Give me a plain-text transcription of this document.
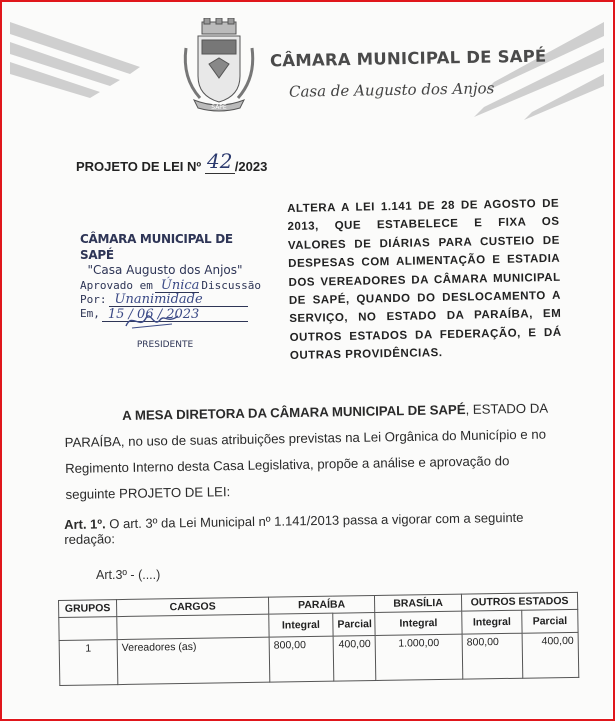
SAPÉ
CÂMARA MUNICIPAL DE SAPÉ
Casa de Augusto dos Anjos
PROJETO DE LEI Nº 42 /2023
CÂMARA MUNICIPAL DE SAPÉ
"Casa Augusto dos Anjos"
Aprovado em Única Discussão
Por: Unanimidade
Em, 15 / 06 / 2023
PRESIDENTE
ALTERA A LEI 1.141 DE 28 DE AGOSTO DE 2013, QUE ESTABELECE E FIXA OS VALORES DE DIÁRIAS PARA CUSTEIO DE DESPESAS COM ALIMENTAÇÃO E ESTADIA DOS VEREADORES DA CÂMARA MUNICIPAL DE SAPÉ, QUANDO DO DESLOCAMENTO A SERVIÇO, NO ESTADO DA PARAÍBA, EM OUTROS ESTADOS DA FEDERAÇÃO, E DÁ OUTRAS PROVIDÊNCIAS.
A MESA DIRETORA DA CÂMARA MUNICIPAL DE SAPÉ, ESTADO DA PARAÍBA, no uso de suas atribuições previstas na Lei Orgânica do Município e no Regimento Interno desta Casa Legislativa, propõe a análise e aprovação do seguinte PROJETO DE LEI:
Art. 1º. O art. 3º da Lei Municipal nº 1.141/2013 passa a vigorar com a seguinte redação:
Art.3º - (....)
GRUPOS	CARGOS	PARAÍBA		BRASÍLIA	OUTROS ESTADOS	
		Integral	Parcial	Integral	Integral	Parcial
1	Vereadores (as)	800,00	400,00	1.000,00	800,00	400,00
